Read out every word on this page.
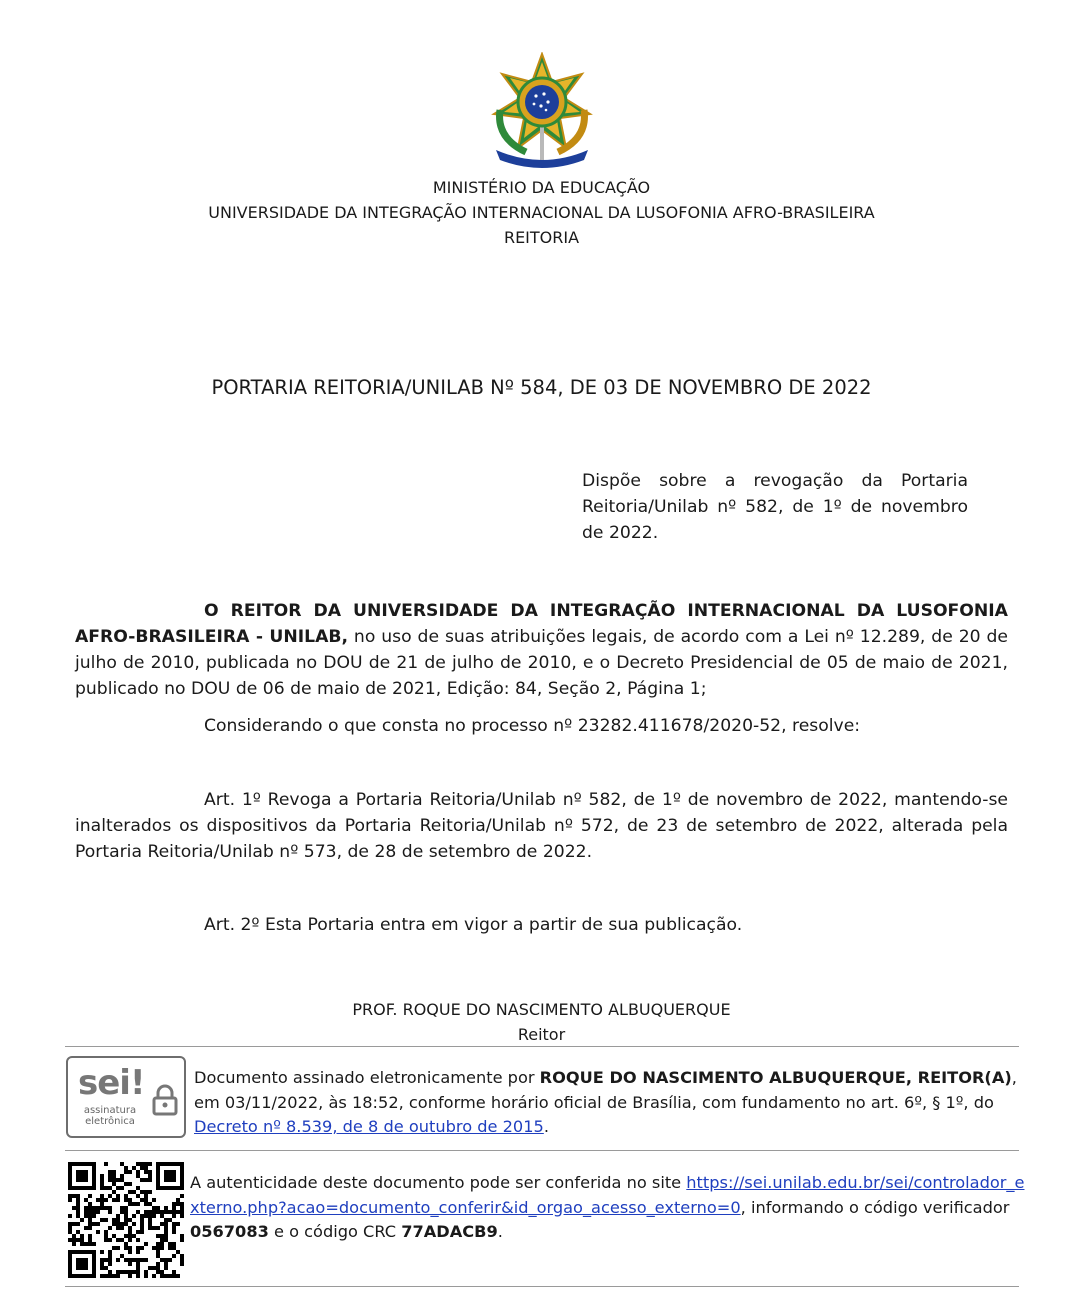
MINISTÉRIO DA EDUCAÇÃO
UNIVERSIDADE DA INTEGRAÇÃO INTERNACIONAL DA LUSOFONIA AFRO-BRASILEIRA
REITORIA
PORTARIA REITORIA/UNILAB Nº 584, DE 03 DE NOVEMBRO DE 2022
Dispõe sobre a revogação da Portaria Reitoria/Unilab nº 582, de 1º de novembro de 2022.
O REITOR DA UNIVERSIDADE DA INTEGRAÇÃO INTERNACIONAL DA LUSOFONIA AFRO-BRASILEIRA - UNILAB, no uso de suas atribuições legais, de acordo com a Lei nº 12.289, de 20 de julho de 2010, publicada no DOU de 21 de julho de 2010, e o Decreto Presidencial de 05 de maio de 2021, publicado no DOU de 06 de maio de 2021, Edição: 84, Seção 2, Página 1;
Considerando o que consta no processo nº 23282.411678/2020-52, resolve:
Art. 1º Revoga a Portaria Reitoria/Unilab nº 582, de 1º de novembro de 2022, mantendo-se inalterados os dispositivos da Portaria Reitoria/Unilab nº 572, de 23 de setembro de 2022, alterada pela Portaria Reitoria/Unilab nº 573, de 28 de setembro de 2022.
Art. 2º Esta Portaria entra em vigor a partir de sua publicação.
PROF. ROQUE DO NASCIMENTO ALBUQUERQUE
Reitor
sei!
assinatura
eletrônica
Documento assinado eletronicamente por ROQUE DO NASCIMENTO ALBUQUERQUE, REITOR(A), em 03/11/2022, às 18:52, conforme horário oficial de Brasília, com fundamento no art. 6º, § 1º, do Decreto nº 8.539, de 8 de outubro de 2015.
A autenticidade deste documento pode ser conferida no site https://sei.unilab.edu.br/sei/controlador_externo.php?acao=documento_conferir&id_orgao_acesso_externo=0, informando o código verificador 0567083 e o código CRC 77ADACB9.
